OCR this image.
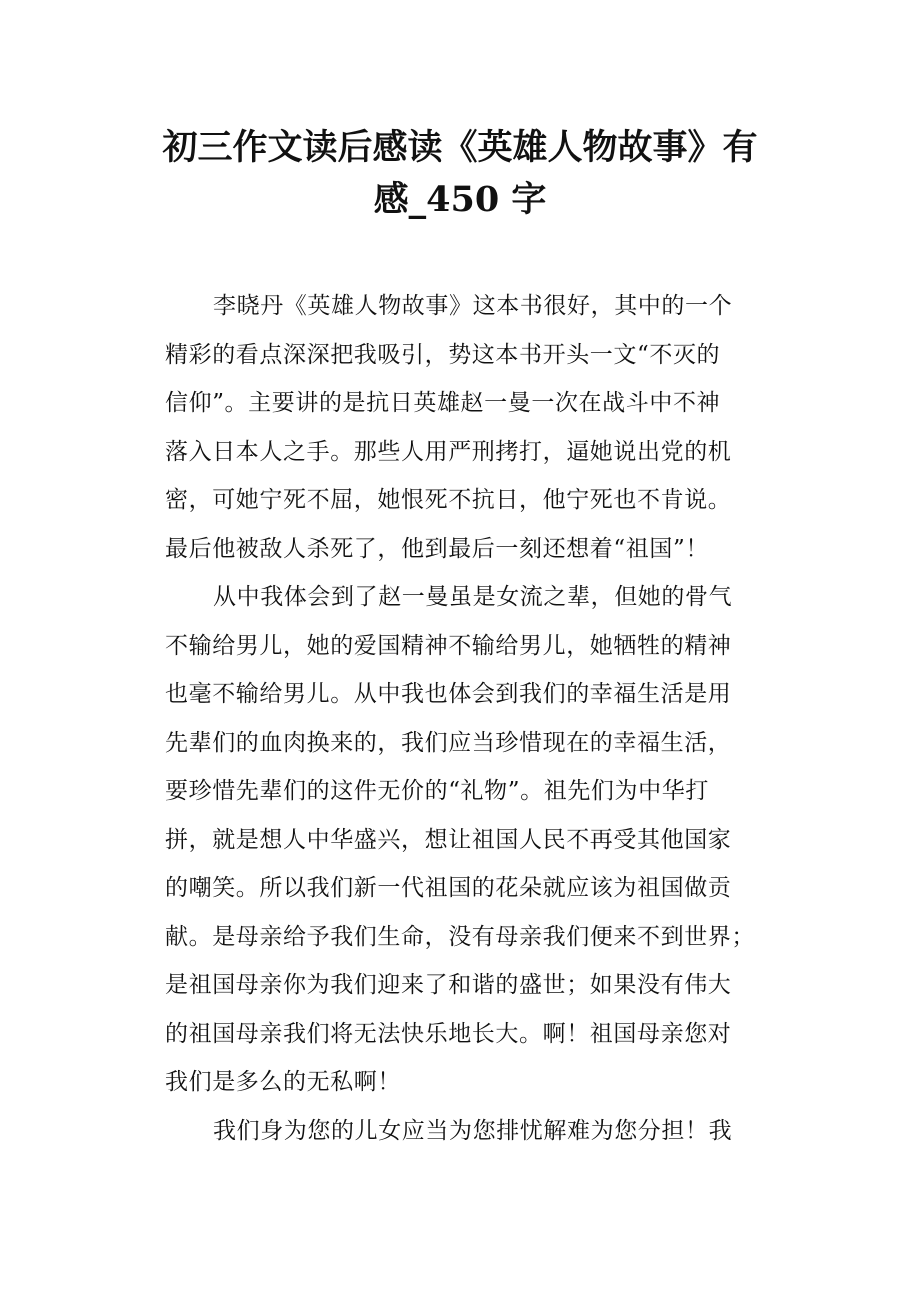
初三作文读后感读《英雄人物故事》有
感_450 字
李晓丹《英雄人物故事》这本书很好，其中的一个
精彩的看点深深把我吸引，势这本书开头一文“不灭的
信仰”。主要讲的是抗日英雄赵一曼一次在战斗中不神
落入日本人之手。那些人用严刑拷打，逼她说出党的机
密，可她宁死不屈，她恨死不抗日，他宁死也不肯说。
最后他被敌人杀死了，他到最后一刻还想着“祖国”！
从中我体会到了赵一曼虽是女流之辈，但她的骨气
不输给男儿，她的爱国精神不输给男儿，她牺牲的精神
也毫不输给男儿。从中我也体会到我们的幸福生活是用
先辈们的血肉换来的，我们应当珍惜现在的幸福生活，
要珍惜先辈们的这件无价的“礼物”。祖先们为中华打
拼，就是想人中华盛兴，想让祖国人民不再受其他国家
的嘲笑。所以我们新一代祖国的花朵就应该为祖国做贡
献。是母亲给予我们生命，没有母亲我们便来不到世界；
是祖国母亲你为我们迎来了和谐的盛世；如果没有伟大
的祖国母亲我们将无法快乐地长大。啊！祖国母亲您对
我们是多么的无私啊！
我们身为您的儿女应当为您排忧解难为您分担！我
